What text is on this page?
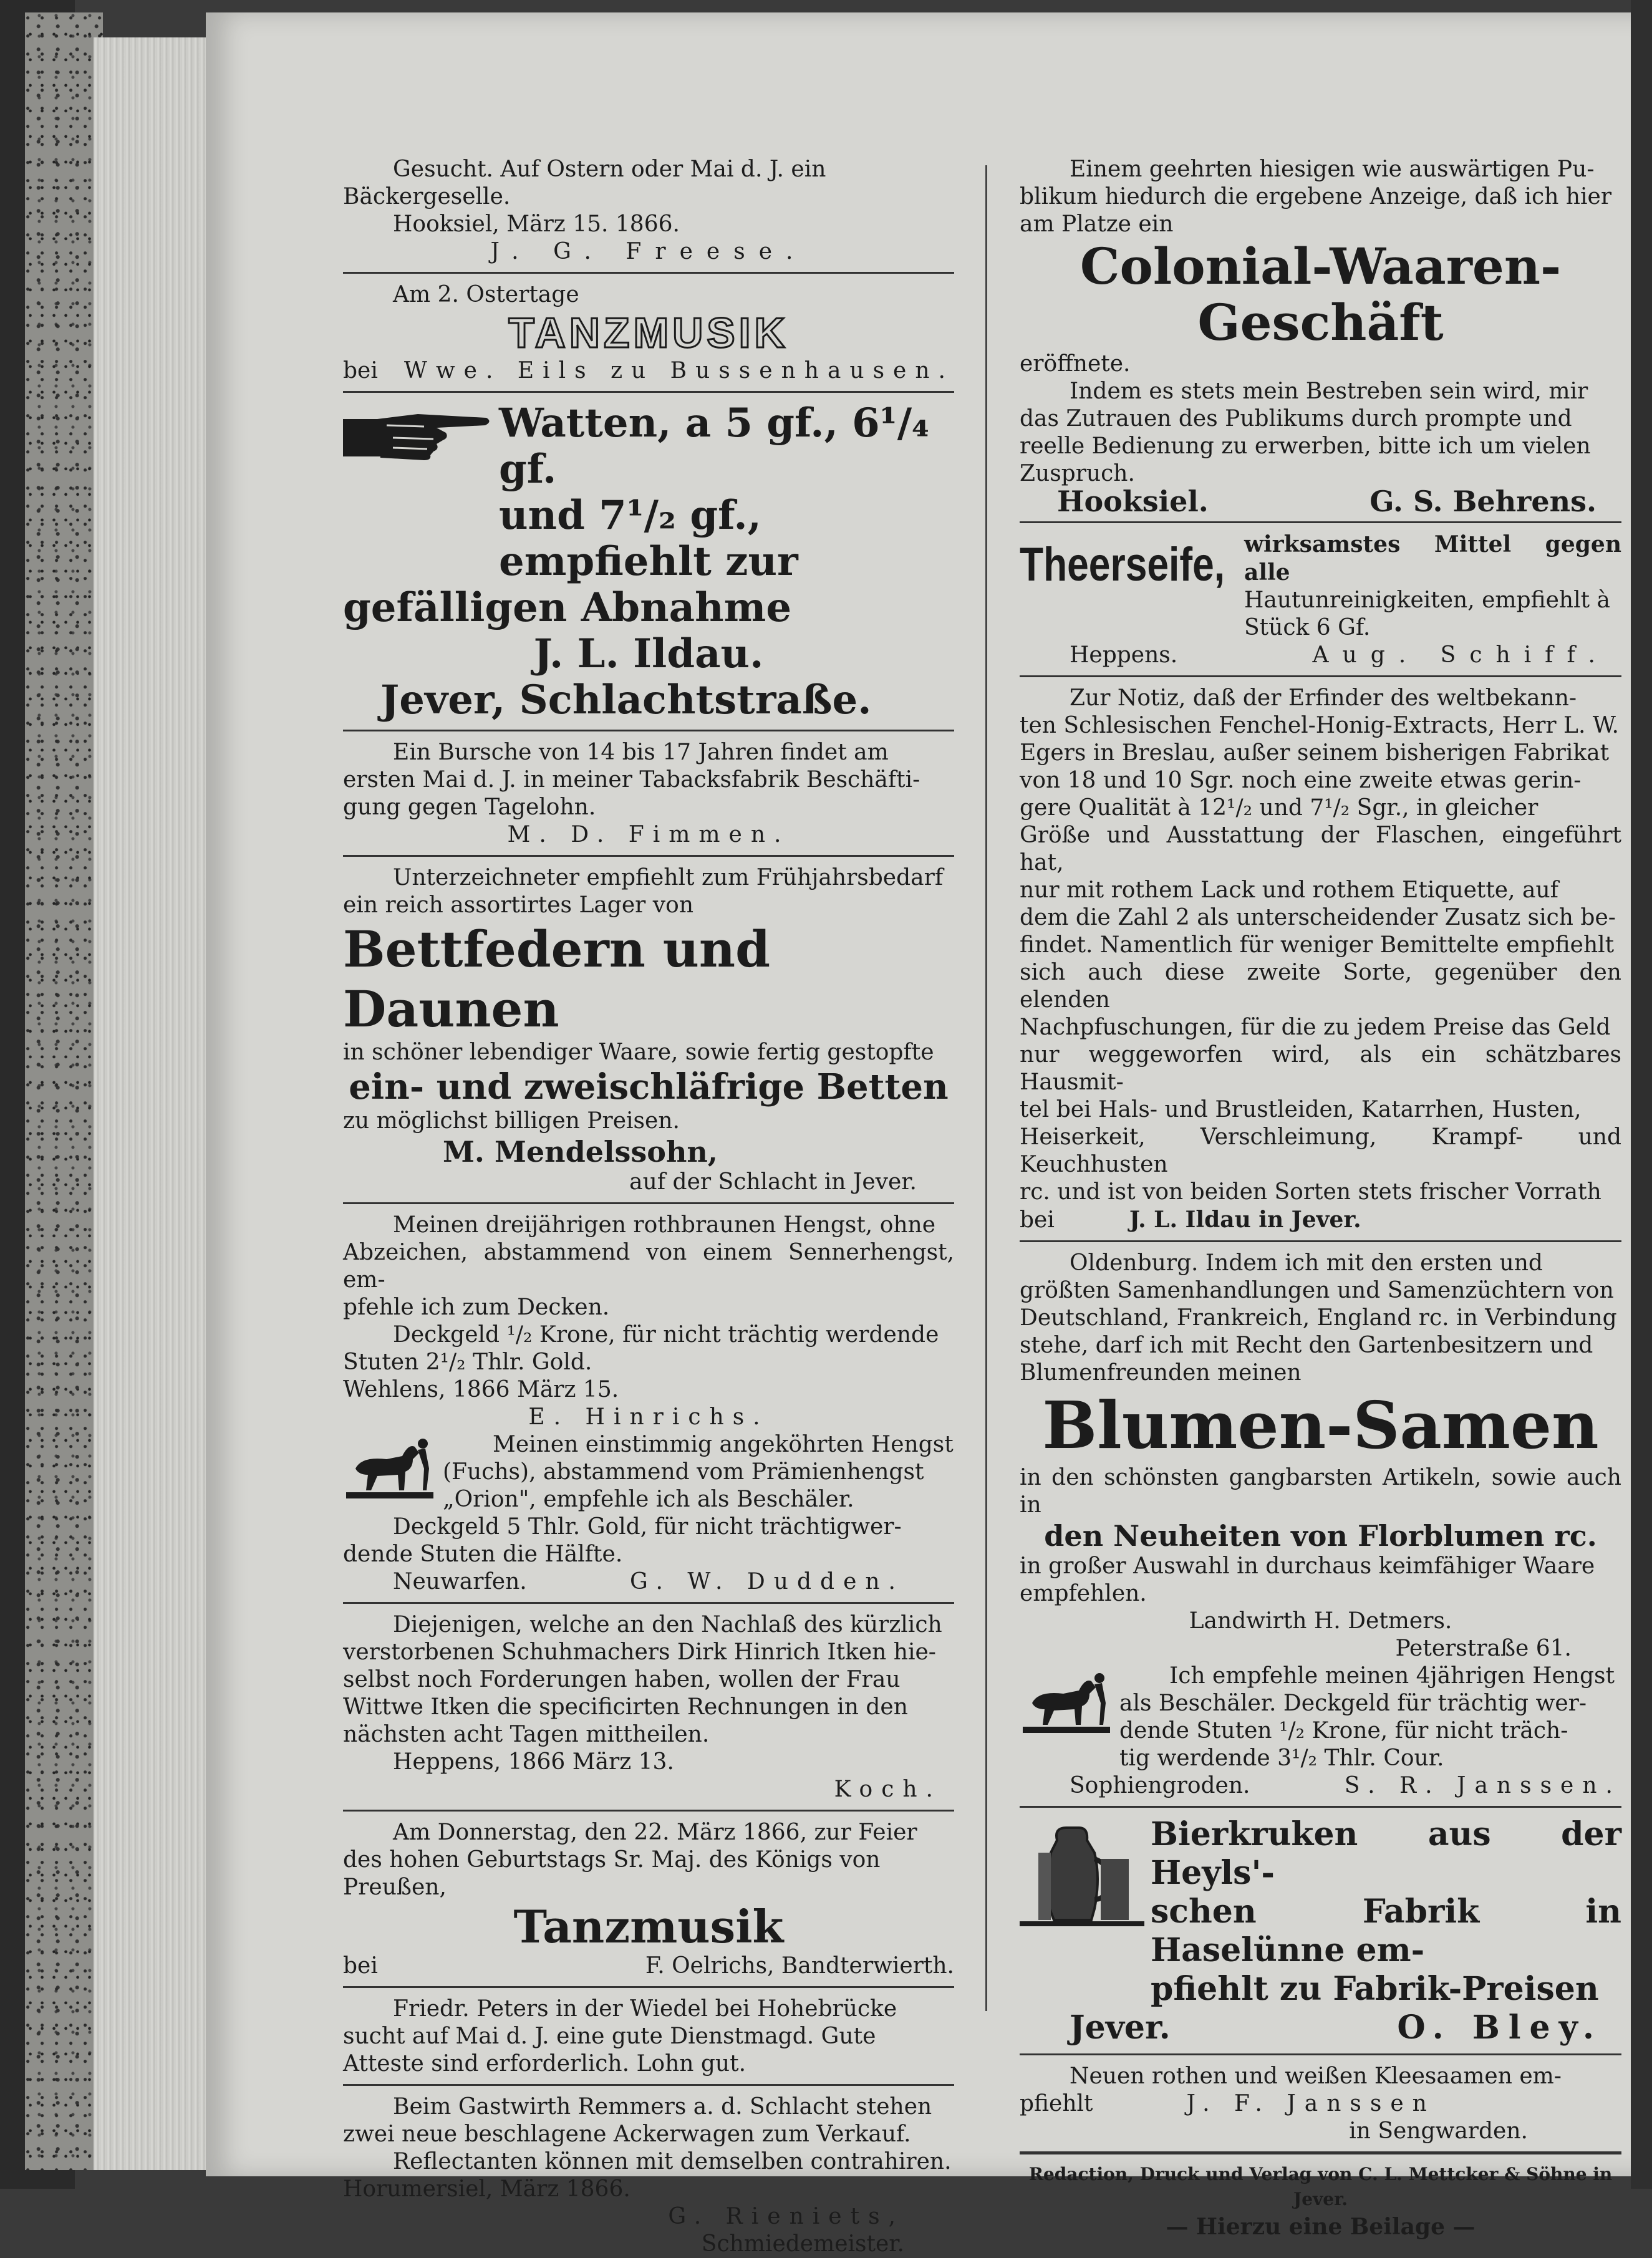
Gesucht. Auf Ostern oder Mai d. J. ein

Bäckergeselle.

Hooksiel, März 15. 1866.

J. G. Freese.

Am 2. Ostertage

TANZMUSIK
bei Wwe. Eils zu Bussenhausen.
Watten, a 5 gf., 6¹/₄ gf.
und 7¹/₂ gf., empfiehlt zur
gefälligen Abnahme
J. L. Ildau.
Jever, Schlachtstraße.

Ein Bursche von 14 bis 17 Jahren findet am

ersten Mai d. J. in meiner Tabacksfabrik Beschäfti-

gung gegen Tagelohn.

M. D. Fimmen.

Unterzeichneter empfiehlt zum Frühjahrsbedarf

ein reich assortirtes Lager von

Bettfedern und Daunen

in schöner lebendiger Waare, sowie fertig gestopfte

ein- und zweischläfrige Betten

zu möglichst billigen Preisen.

M. Mendelssohn,

auf der Schlacht in Jever.

Meinen dreijährigen rothbraunen Hengst, ohne

Abzeichen, abstammend von einem Sennerhengst, em-

pfehle ich zum Decken.

Deckgeld ¹/₂ Krone, für nicht trächtig werdende

Stuten 2¹/₂ Thlr. Gold.

Wehlens, 1866 März 15.

E. Hinrichs.

Meinen einstimmig angeköhrten Hengst

(Fuchs), abstammend vom Prämienhengst

„Orion", empfehle ich als Beschäler.

Deckgeld 5 Thlr. Gold, für nicht trächtigwer-

dende Stuten die Hälfte.

Neuwarfen.	G. W. Dudden.

Diejenigen, welche an den Nachlaß des kürzlich

verstorbenen Schuhmachers Dirk Hinrich Itken hie-

selbst noch Forderungen haben, wollen der Frau

Wittwe Itken die specificirten Rechnungen in den

nächsten acht Tagen mittheilen.

Heppens, 1866 März 13.

Koch.

Am Donnerstag, den 22. März 1866, zur Feier

des hohen Geburtstags Sr. Maj. des Königs von

Preußen,

Tanzmusik
bei	F. Oelrichs, Bandterwierth.

Friedr. Peters in der Wiedel bei Hohebrücke

sucht auf Mai d. J. eine gute Dienstmagd. Gute

Atteste sind erforderlich. Lohn gut.

Beim Gastwirth Remmers a. d. Schlacht stehen

zwei neue beschlagene Ackerwagen zum Verkauf.

Reflectanten können mit demselben contrahiren.

Horumersiel, März 1866.

G. Rieniets,

Schmiedemeister.

Einem geehrten hiesigen wie auswärtigen Pu-

blikum hiedurch die ergebene Anzeige, daß ich hier

am Platze ein

Colonial-Waaren-
Geschäft

eröffnete.

Indem es stets mein Bestreben sein wird, mir

das Zutrauen des Publikums durch prompte und

reelle Bedienung zu erwerben, bitte ich um vielen

Zuspruch.

Hooksiel.	G. S. Behrens.
Theerseife, wirksamstes Mittel gegen alle

Hautunreinigkeiten, empfiehlt à

Stück 6 Gf.

Heppens.	Aug. Schiff.

Zur Notiz, daß der Erfinder des weltbekann-

ten Schlesischen Fenchel-Honig-Extracts, Herr L. W.

Egers in Breslau, außer seinem bisherigen Fabrikat

von 18 und 10 Sgr. noch eine zweite etwas gerin-

gere Qualität à 12¹/₂ und 7¹/₂ Sgr., in gleicher

Größe und Ausstattung der Flaschen, eingeführt hat,

nur mit rothem Lack und rothem Etiquette, auf

dem die Zahl 2 als unterscheidender Zusatz sich be-

findet. Namentlich für weniger Bemittelte empfiehlt

sich auch diese zweite Sorte, gegenüber den elenden

Nachpfuschungen, für die zu jedem Preise das Geld

nur weggeworfen wird, als ein schätzbares Hausmit-

tel bei Hals- und Brustleiden, Katarrhen, Husten,

Heiserkeit, Verschleimung, Krampf- und Keuchhusten

rc. und ist von beiden Sorten stets frischer Vorrath

bei	J. L. Ildau in Jever.

Oldenburg. Indem ich mit den ersten und

größten Samenhandlungen und Samenzüchtern von

Deutschland, Frankreich, England rc. in Verbindung

stehe, darf ich mit Recht den Gartenbesitzern und

Blumenfreunden meinen

Blumen-Samen

in den schönsten gangbarsten Artikeln, sowie auch in

den Neuheiten von Florblumen rc.

in großer Auswahl in durchaus keimfähiger Waare

empfehlen.

Landwirth H. Detmers.

Peterstraße 61.

Ich empfehle meinen 4jährigen Hengst

als Beschäler. Deckgeld für trächtig wer-

dende Stuten ¹/₂ Krone, für nicht träch-

tig werdende 3¹/₂ Thlr. Cour.

Sophiengroden.	S. R. Janssen.
Bierkruken aus der Heyls'-
schen Fabrik in Haselünne em-
pfiehlt zu Fabrik-Preisen
Jever.	O. Bley.

Neuen rothen und weißen Kleesaamen em-

pfiehlt	J. F. Janssen

in Sengwarden.

Redaction, Druck und Verlag von C. L. Mettcker & Söhne in Jever.

— Hierzu eine Beilage —
